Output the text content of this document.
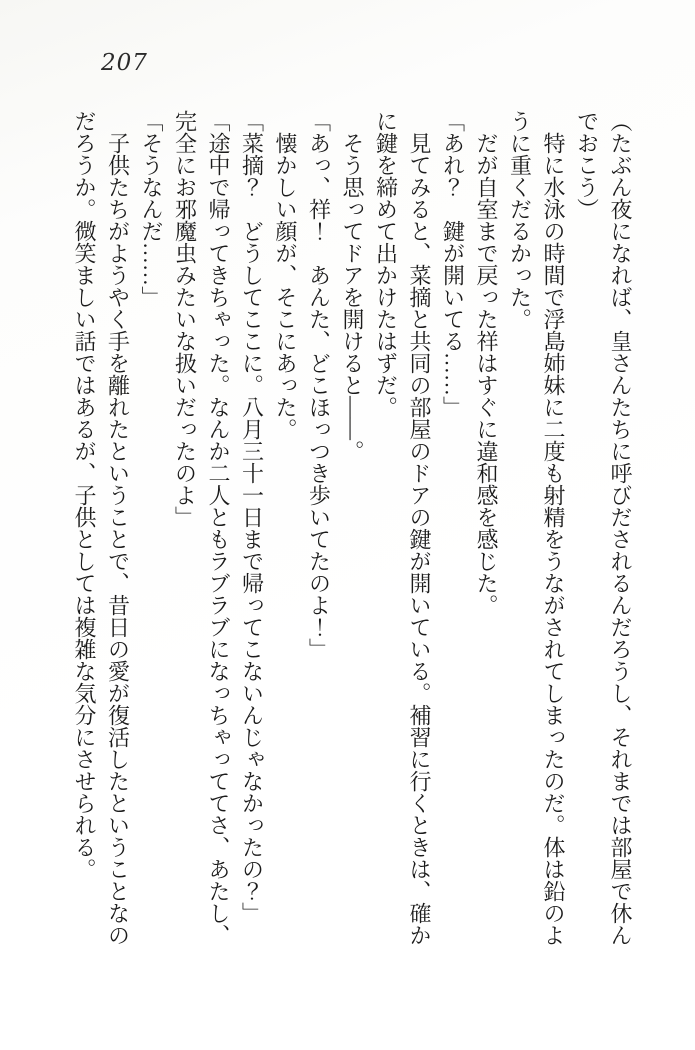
207

（たぶん夜になれば、皇さんたちに呼びだされるんだろうし、それまでは部屋で休ん

でおこう）

特に水泳の時間で浮島姉妹に二度も射精をうながされてしまったのだ。体は鉛のよ

うに重くだるかった。

だが自室まで戻った祥はすぐに違和感を感じた。

「あれ？　鍵が開いてる……」

見てみると、菜摘と共同の部屋のドアの鍵が開いている。補習に行くときは、確か

に鍵を締めて出かけたはずだ。

そう思ってドアを開けると――。

「あっ、祥！　あんた、どこほっつき歩いてたのよ！」

懐かしい顔が、そこにあった。

「菜摘？　どうしてここに。八月三十一日まで帰ってこないんじゃなかったの？」

「途中で帰ってきちゃった。なんか二人ともラブラブになっちゃっててさ、あたし、

完全にお邪魔虫みたいな扱いだったのよ」

「そうなんだ……」

子供たちがようやく手を離れたということで、昔日の愛が復活したということなの

だろうか。微笑ましい話ではあるが、子供としては複雑な気分にさせられる。
